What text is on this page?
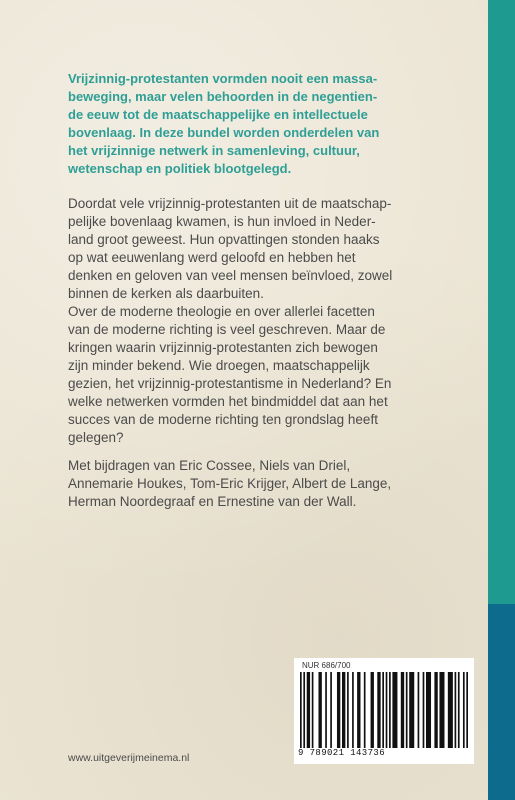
Vrijzinnig-protestanten vormden nooit een massa-
beweging, maar velen behoorden in de negentien-
de eeuw tot de maatschappelijke en intellectuele
bovenlaag. In deze bundel worden onderdelen van
het vrijzinnige netwerk in samenleving, cultuur,
wetenschap en politiek blootgelegd.

Doordat vele vrijzinnig-protestanten uit de maatschap-
pelijke bovenlaag kwamen, is hun invloed in Neder-
land groot geweest. Hun opvattingen stonden haaks
op wat eeuwenlang werd geloofd en hebben het
denken en geloven van veel mensen beïnvloed, zowel
binnen de kerken als daarbuiten.

Over de moderne theologie en over allerlei facetten
van de moderne richting is veel geschreven. Maar de
kringen waarin vrijzinnig-protestanten zich bewogen
zijn minder bekend. Wie droegen, maatschappelijk
gezien, het vrijzinnig-protestantisme in Nederland? En
welke netwerken vormden het bindmiddel dat aan het
succes van de moderne richting ten grondslag heeft
gelegen?

Met bijdragen van Eric Cossee, Niels van Driel,
Annemarie Houkes, Tom-Eric Krijger, Albert de Lange,
Herman Noordegraaf en Ernestine van der Wall.

NUR 686/700
9 789021 143736
www.uitgeverijmeinema.nl
